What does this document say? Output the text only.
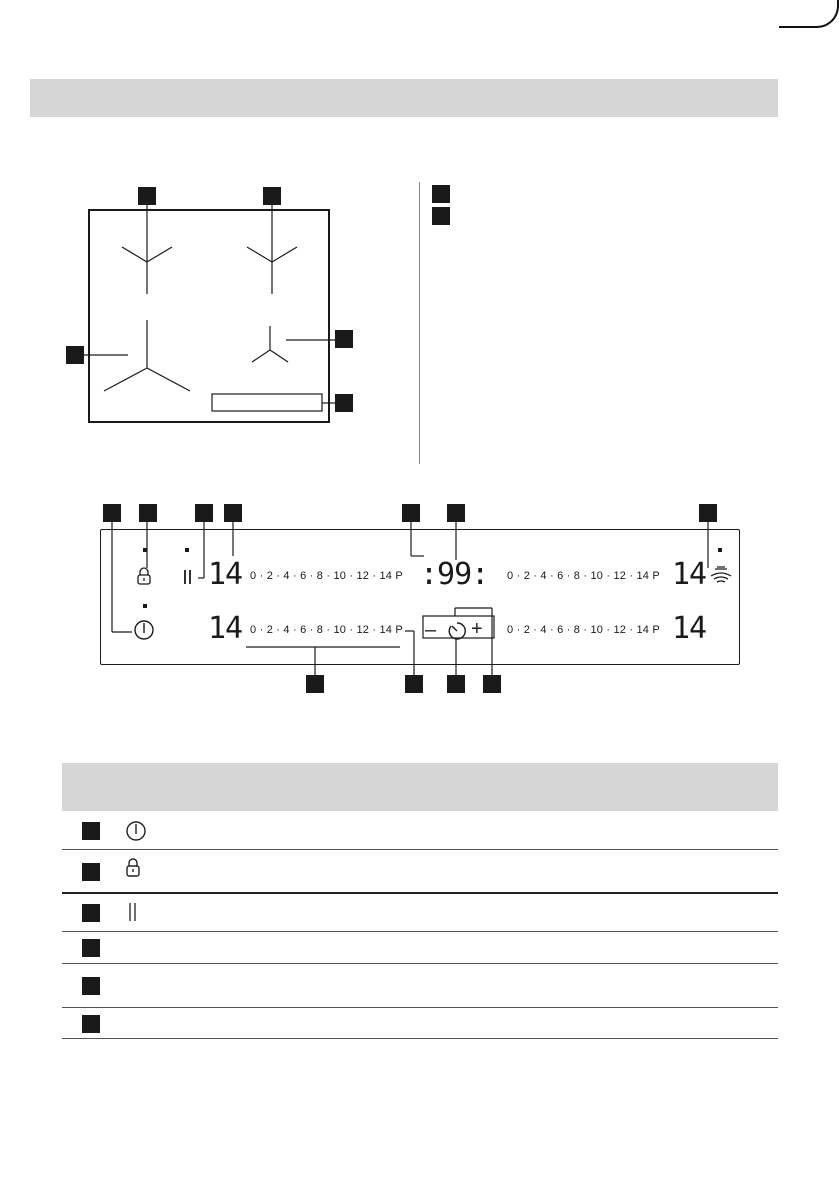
14
14
14
14
:99:
0 · 2 · 4 · 6 · 8 · 10 · 12 · 14 P
0 · 2 · 4 · 6 · 8 · 10 · 12 · 14 P
0 · 2 · 4 · 6 · 8 · 10 · 12 · 14 P
0 · 2 · 4 · 6 · 8 · 10 · 12 · 14 P
– +
